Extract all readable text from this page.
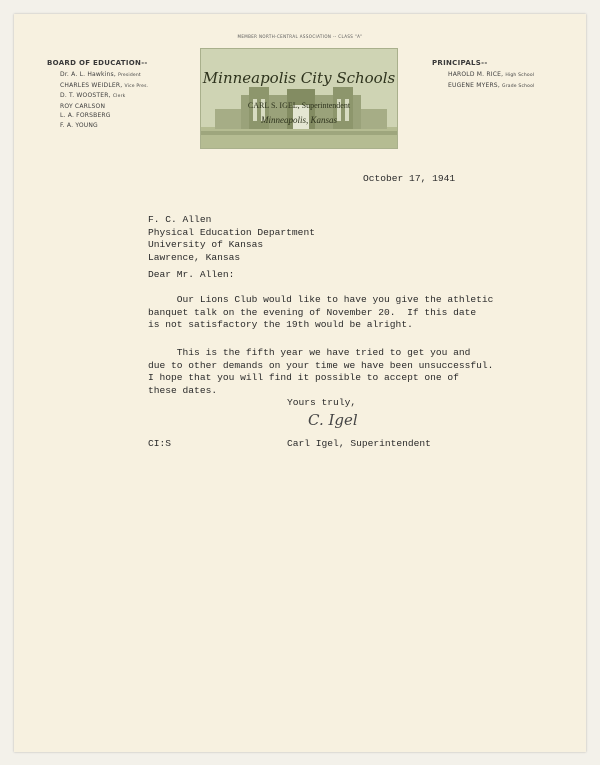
MEMBER NORTH-CENTRAL ASSOCIATION -- CLASS "A"
BOARD OF EDUCATION--
Dr. A. L. Hawkins, President
CHARLES WEIDLER, Vice Pres.
D. T. WOOSTER, Clerk
ROY CARLSON
L. A. FORSBERG
F. A. YOUNG
PRINCIPALS--
HAROLD M. RICE, High School
EUGENE MYERS, Grade School
Minneapolis City Schools
CARL S. IGEL, Superintendent
Minneapolis, Kansas
October 17, 1941
F. C. Allen
Physical Education Department
University of Kansas
Lawrence, Kansas
Dear Mr. Allen:
Our Lions Club would like to have you give the athletic
banquet talk on the evening of November 20.  If this date
is not satisfactory the 19th would be alright.
This is the fifth year we have tried to get you and
due to other demands on your time we have been unsuccessful.
I hope that you will find it possible to accept one of
these dates.
Yours truly,
C. Igel
CI:S	Carl Igel, Superintendent
